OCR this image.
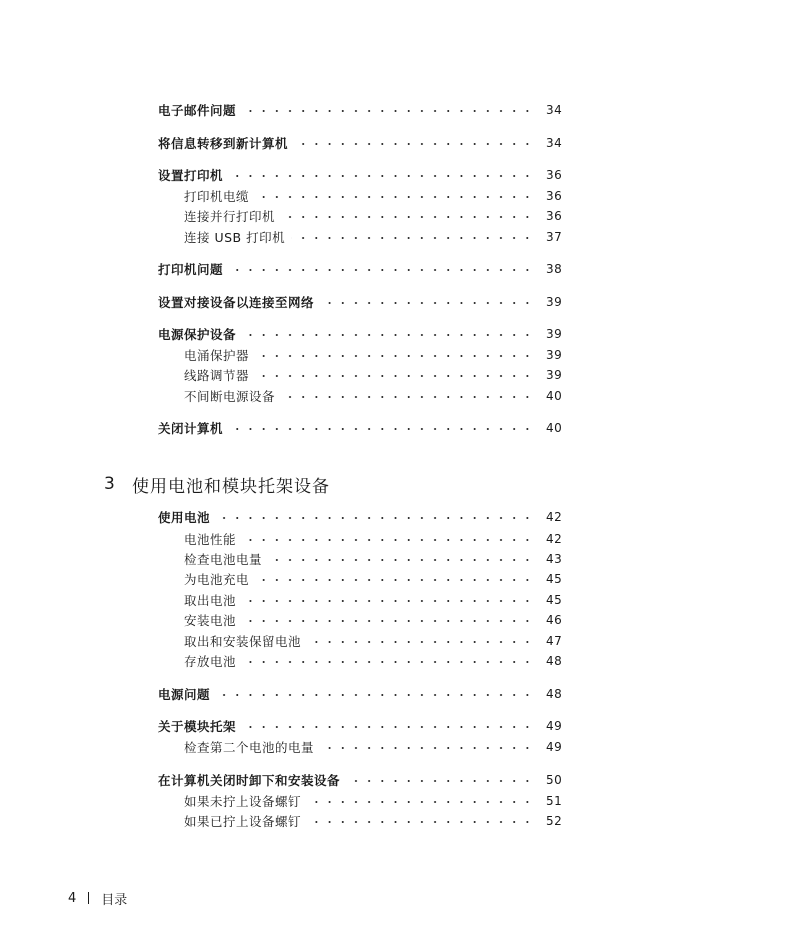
电子邮件问题	34
将信息转移到新计算机	34
设置打印机	36
打印机电缆	36
连接并行打印机	36
连接 USB 打印机	37
打印机问题	38
设置对接设备以连接至网络	39
电源保护设备	39
电涌保护器	39
线路调节器	39
不间断电源设备	40
关闭计算机	40
使用电池	42
电池性能	42
检查电池电量	43
为电池充电	45
取出电池	45
安装电池	46
取出和安装保留电池	47
存放电池	48
电源问题	48
关于模块托架	49
检查第二个电池的电量	49
在计算机关闭时卸下和安装设备	50
如果未拧上设备螺钉	51
如果已拧上设备螺钉	52
3 使用电池和模块托架设备
4 目录
